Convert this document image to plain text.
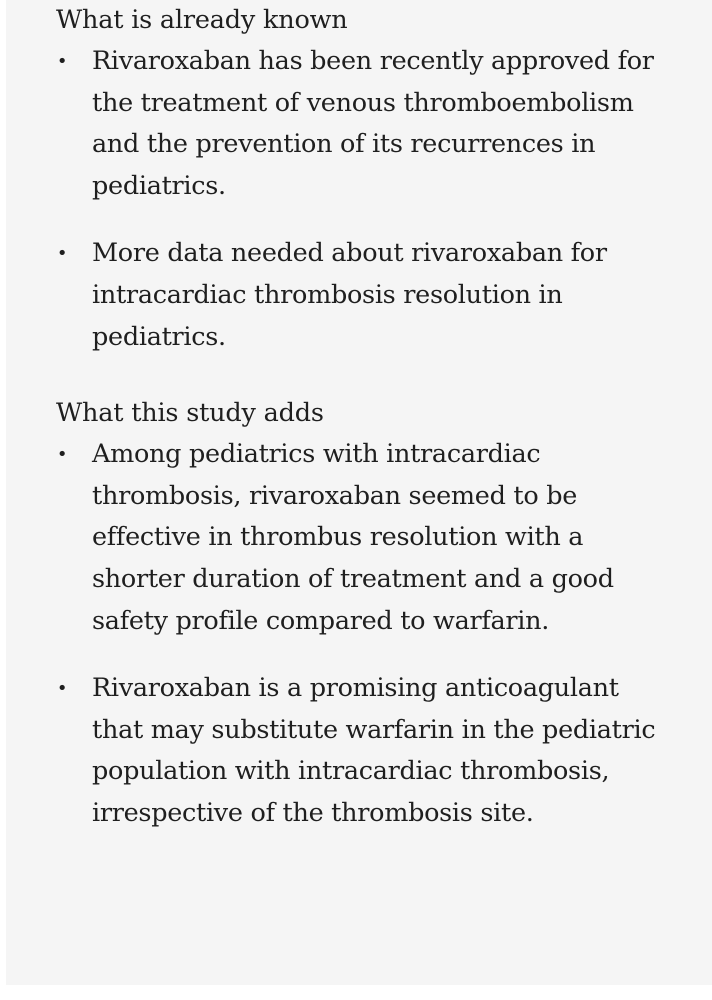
What is already known
• Rivaroxaban has been recently approved for the treatment of venous thromboembolism and the prevention of its recurrences in pediatrics.
• More data needed about rivaroxaban for intracardiac thrombosis resolution in pediatrics.
What this study adds
• Among pediatrics with intracardiac thrombosis, rivaroxaban seemed to be effective in thrombus resolution with a shorter duration of treatment and a good safety profile compared to warfarin.
• Rivaroxaban is a promising anticoagulant that may substitute warfarin in the pediatric population with intracardiac thrombosis, irrespective of the thrombosis site.
